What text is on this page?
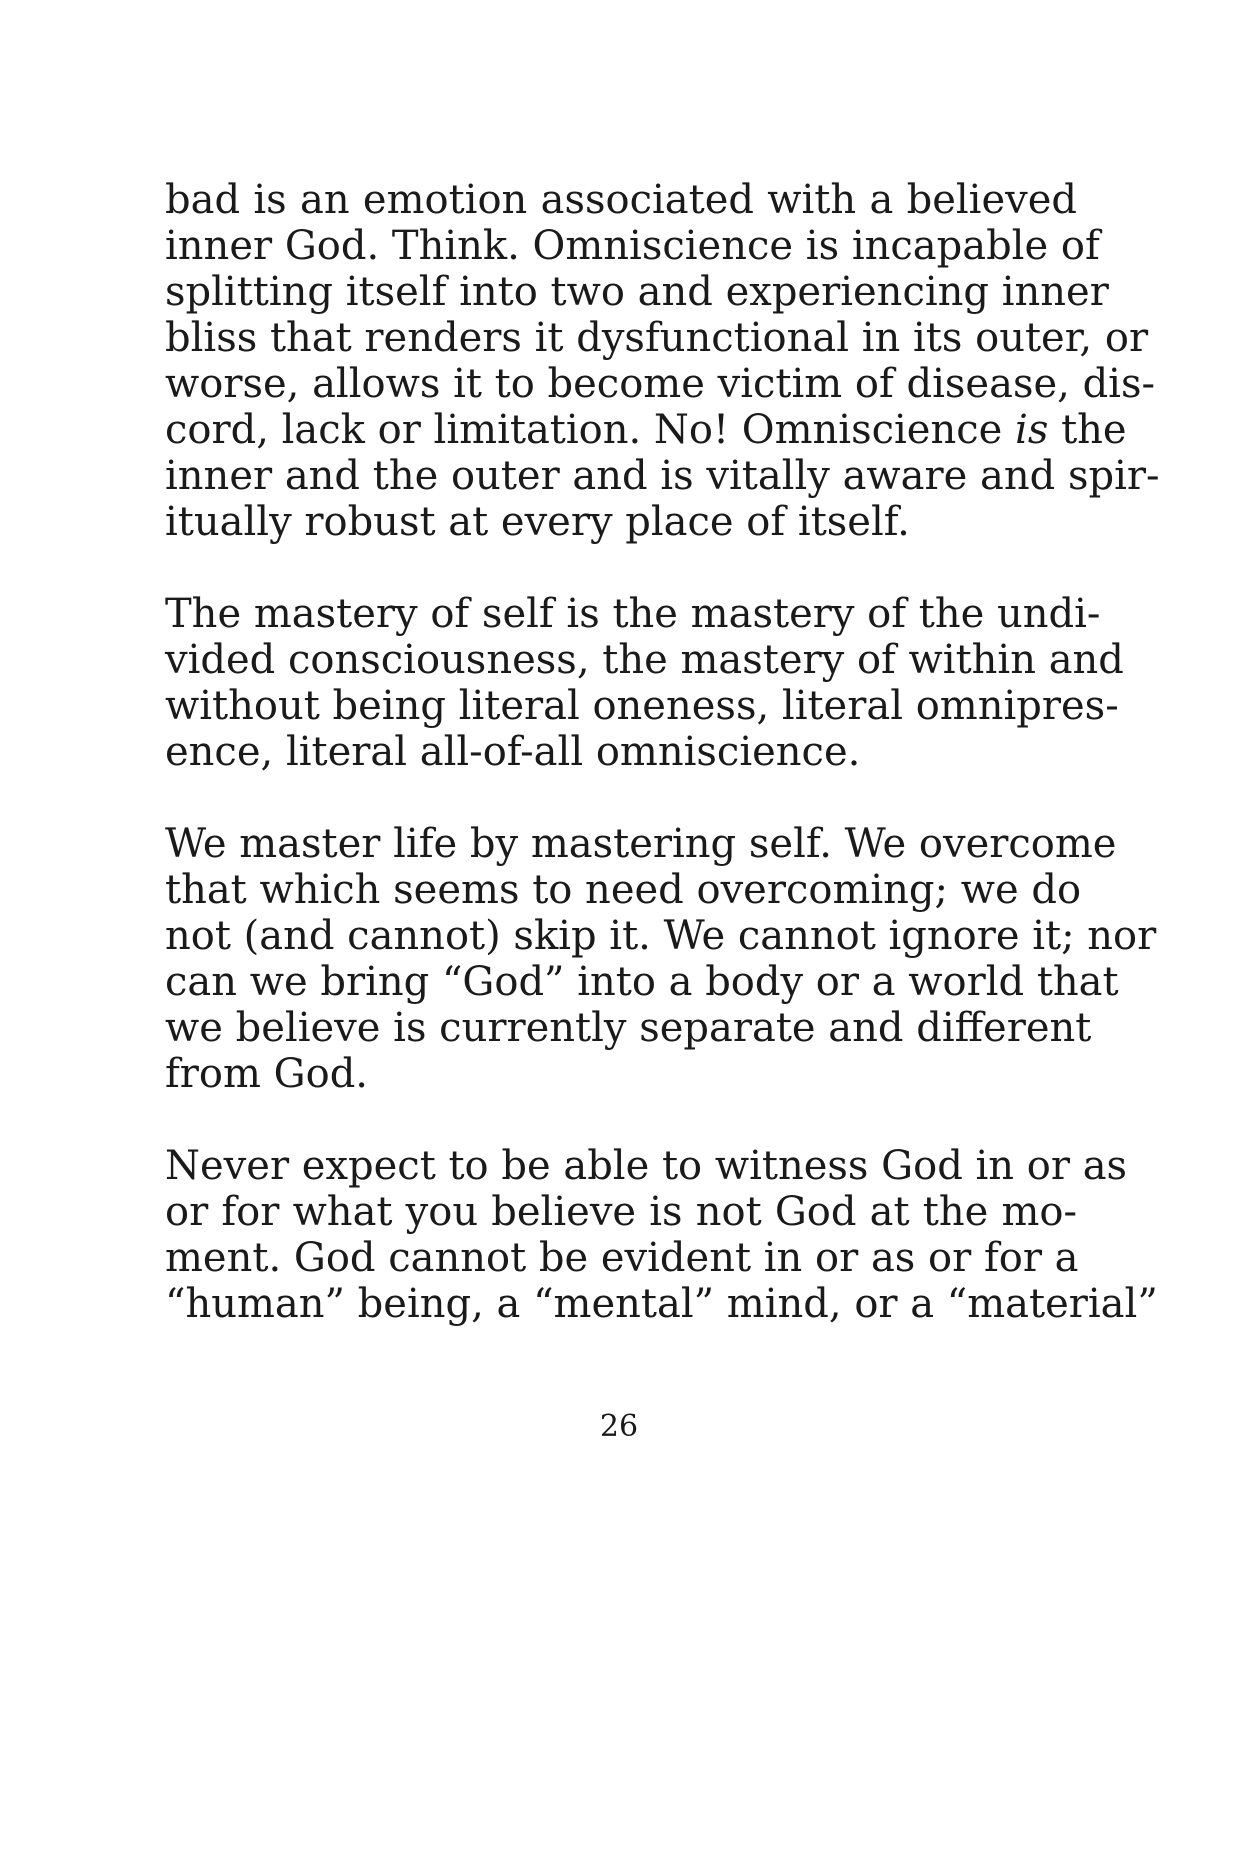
bad is an emotion associated with a believed
inner God. Think. Omniscience is incapable of
splitting itself into two and experiencing inner
bliss that renders it dysfunctional in its outer, or
worse, allows it to become victim of disease, dis-
cord, lack or limitation. No! Omniscience is the
inner and the outer and is vitally aware and spir-
itually robust at every place of itself.
The mastery of self is the mastery of the undi-
vided consciousness, the mastery of within and
without being literal oneness, literal omnipres-
ence, literal all-of-all omniscience.
We master life by mastering self. We overcome
that which seems to need overcoming; we do
not (and cannot) skip it. We cannot ignore it; nor
can we bring “God” into a body or a world that
we believe is currently separate and different
from God.
Never expect to be able to witness God in or as
or for what you believe is not God at the mo-
ment. God cannot be evident in or as or for a
“human” being, a “mental” mind, or a “material”
26
